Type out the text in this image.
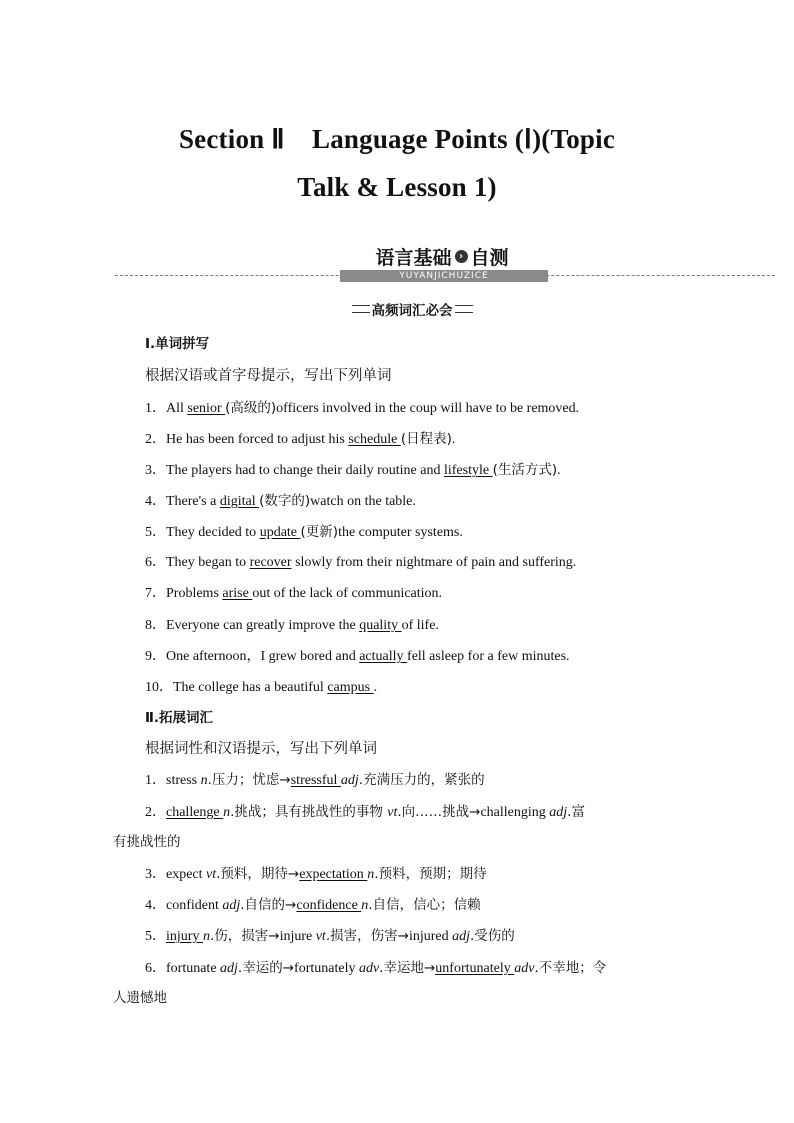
Section Ⅱ　Language Points (Ⅰ)(Topic
Talk & Lesson 1)
语言基础 › 自测
YUYANJICHUZICE
高频词汇必会
Ⅰ.单词拼写
根据汉语或首字母提示，写出下列单词
1．All senior (高级的)officers involved in the coup will have to be removed.
2．He has been forced to adjust his schedule (日程表).
3．The players had to change their daily routine and lifestyle (生活方式).
4．There's a digital (数字的)watch on the table.
5．They decided to update (更新)the computer systems.
6．They began to recover slowly from their nightmare of pain and suffering.
7．Problems arise out of the lack of communication.
8．Everyone can greatly improve the quality of life.
9．One afternoon，I grew bored and actually fell asleep for a few minutes.
10．The college has a beautiful campus .
Ⅱ.拓展词汇
根据词性和汉语提示，写出下列单词
1．stress n.压力；忧虑→stressful adj.充满压力的，紧张的
2．challenge n.挑战；具有挑战性的事物 vt.向……挑战→challenging adj.富
有挑战性的
3．expect vt.预料，期待→expectation n.预料，预期；期待
4．confident adj.自信的→confidence n.自信，信心；信赖
5．injury n.伤，损害→injure vt.损害，伤害→injured adj.受伤的
6．fortunate adj.幸运的→fortunately adv.幸运地→unfortunately adv.不幸地；令
人遗憾地
